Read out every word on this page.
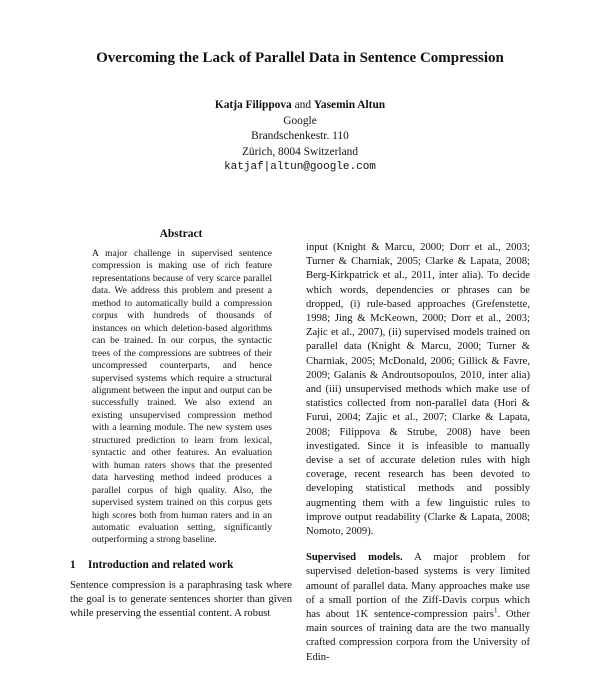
Overcoming the Lack of Parallel Data in Sentence Compression
Katja Filippova and Yasemin Altun
Google
Brandschenkestr. 110
Zürich, 8004 Switzerland
katjaf|altun@google.com
Abstract

A major challenge in supervised sentence compression is making use of rich feature representations because of very scarce parallel data. We address this problem and present a method to automatically build a compression corpus with hundreds of thousands of instances on which deletion-based algorithms can be trained. In our corpus, the syntactic trees of the compressions are subtrees of their uncompressed counterparts, and hence supervised systems which require a structural alignment between the input and output can be successfully trained. We also extend an existing unsupervised compression method with a learning module. The new system uses structured prediction to learn from lexical, syntactic and other features. An evaluation with human raters shows that the presented data harvesting method indeed produces a parallel corpus of high quality. Also, the supervised system trained on this corpus gets high scores both from human raters and in an automatic evaluation setting, significantly outperforming a strong baseline.

1 Introduction and related work

Sentence compression is a paraphrasing task where the goal is to generate sentences shorter than given while preserving the essential content. A robust

input (Knight & Marcu, 2000; Dorr et al., 2003; Turner & Charniak, 2005; Clarke & Lapata, 2008; Berg-Kirkpatrick et al., 2011, inter alia). To decide which words, dependencies or phrases can be dropped, (i) rule-based approaches (Grefenstette, 1998; Jing & McKeown, 2000; Dorr et al., 2003; Zajic et al., 2007), (ii) supervised models trained on parallel data (Knight & Marcu, 2000; Turner & Charniak, 2005; McDonald, 2006; Gillick & Favre, 2009; Galanis & Androutsopoulos, 2010, inter alia) and (iii) unsupervised methods which make use of statistics collected from non-parallel data (Hori & Furui, 2004; Zajic et al., 2007; Clarke & Lapata, 2008; Filippova & Strube, 2008) have been investigated. Since it is infeasible to manually devise a set of accurate deletion rules with high coverage, recent research has been devoted to developing statistical methods and possibly augmenting them with a few linguistic rules to improve output readability (Clarke & Lapata, 2008; Nomoto, 2009).

Supervised models. A major problem for supervised deletion-based systems is very limited amount of parallel data. Many approaches make use of a small portion of the Ziff-Davis corpus which has about 1K sentence-compression pairs$^1$. Other main sources of training data are the two manually crafted compression corpora from the University of Edin-
